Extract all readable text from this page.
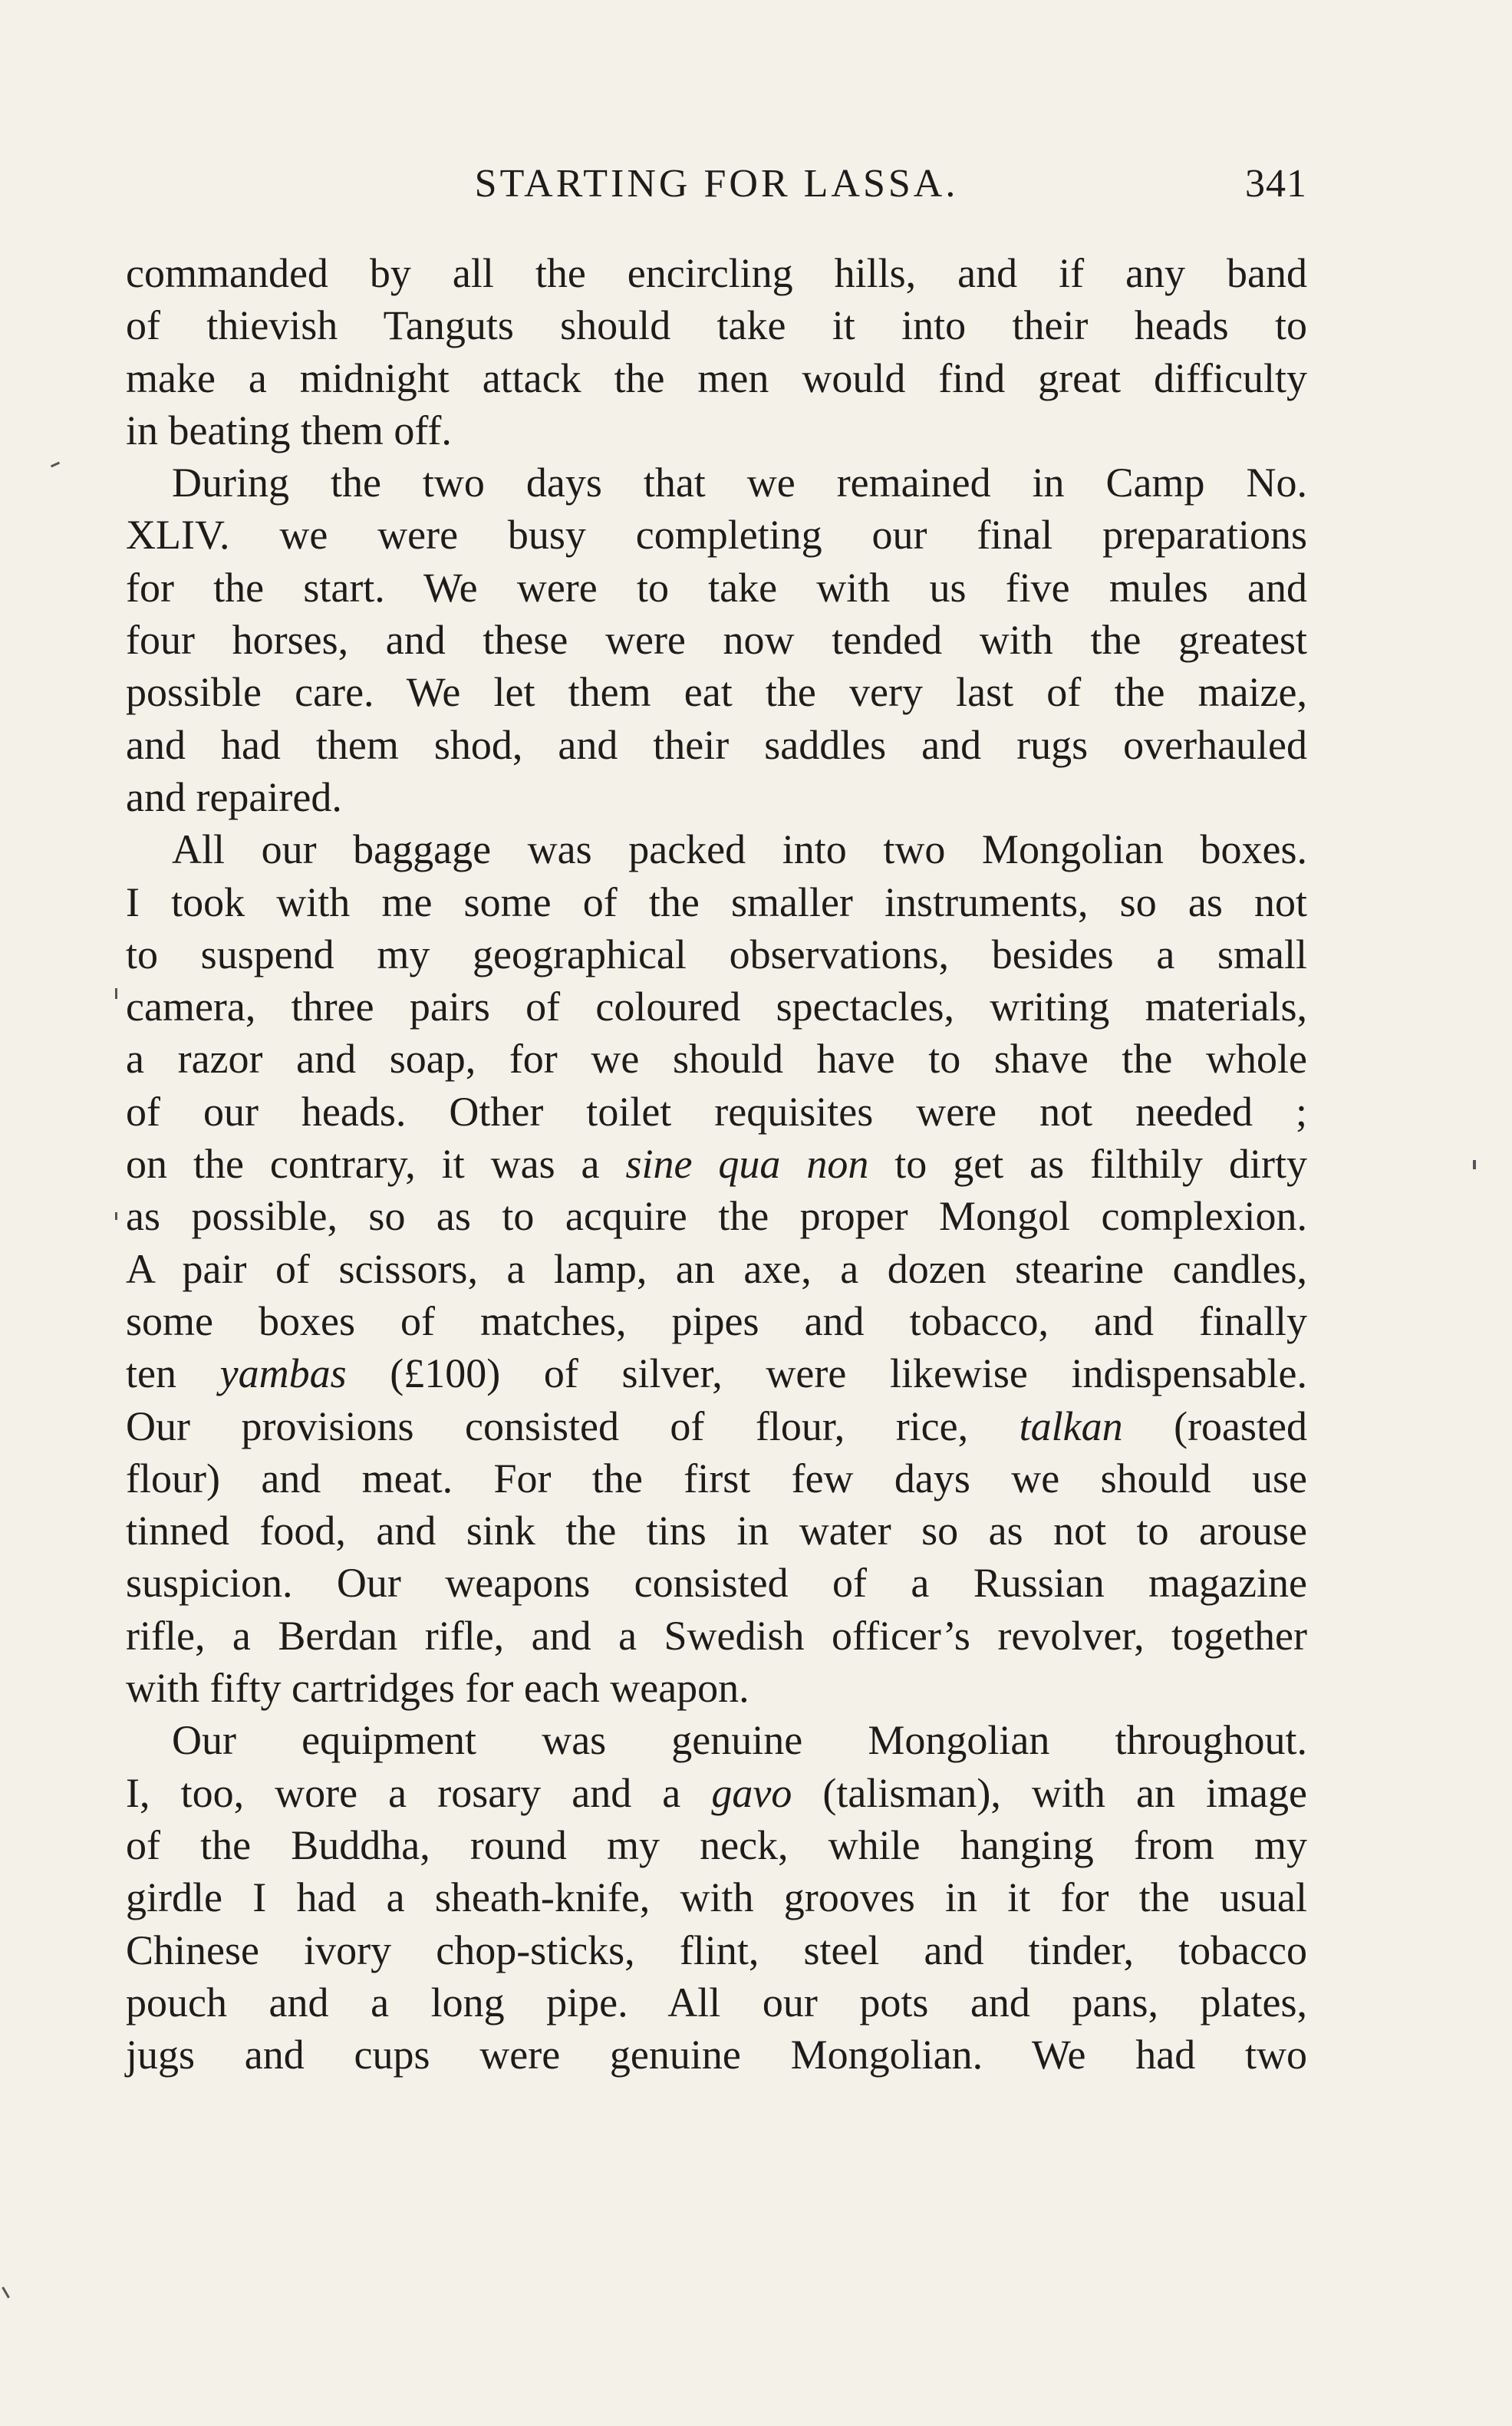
STARTING FOR LASSA.	341
commanded by all the encircling hills, and if any band
of thievish Tanguts should take it into their heads to
make a midnight attack the men would find great difficulty
in beating them off.
During the two days that we remained in Camp No.
XLIV. we were busy completing our final preparations
for the start. We were to take with us five mules and
four horses, and these were now tended with the greatest
possible care. We let them eat the very last of the maize,
and had them shod, and their saddles and rugs overhauled
and repaired.
All our baggage was packed into two Mongolian boxes.
I took with me some of the smaller instruments, so as not
to suspend my geographical observations, besides a small
camera, three pairs of coloured spectacles, writing materials,
a razor and soap, for we should have to shave the whole
of our heads. Other toilet requisites were not needed ;
on the contrary, it was a sine qua non to get as filthily dirty
as possible, so as to acquire the proper Mongol complexion.
A pair of scissors, a lamp, an axe, a dozen stearine candles,
some boxes of matches, pipes and tobacco, and finally
ten yambas (£100) of silver, were likewise indispensable.
Our provisions consisted of flour, rice, talkan (roasted
flour) and meat. For the first few days we should use
tinned food, and sink the tins in water so as not to arouse
suspicion. Our weapons consisted of a Russian magazine
rifle, a Berdan rifle, and a Swedish officer’s revolver, together
with fifty cartridges for each weapon.
Our equipment was genuine Mongolian throughout.
I, too, wore a rosary and a gavo (talisman), with an image
of the Buddha, round my neck, while hanging from my
girdle I had a sheath-knife, with grooves in it for the usual
Chinese ivory chop-sticks, flint, steel and tinder, tobacco
pouch and a long pipe. All our pots and pans, plates,
jugs and cups were genuine Mongolian. We had two
